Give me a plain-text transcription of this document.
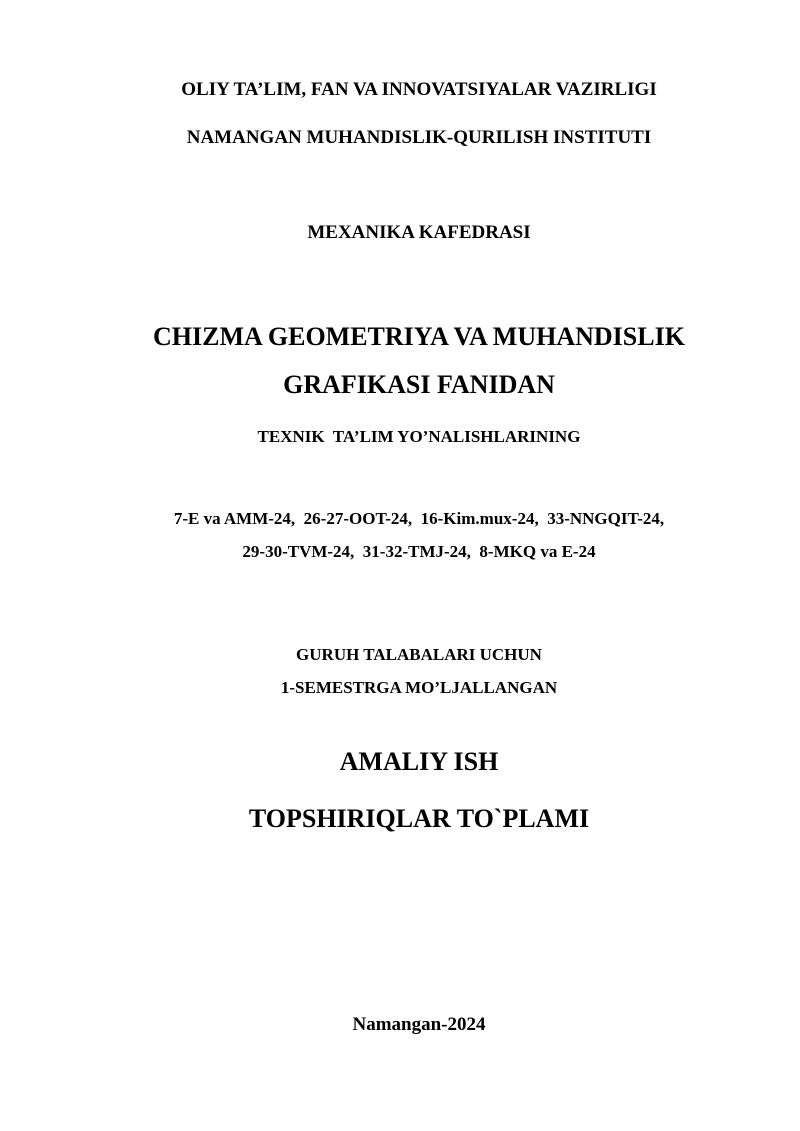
OLIY TA’LIM, FAN VA INNOVATSIYALAR VAZIRLIGI
NAMANGAN MUHANDISLIK-QURILISH INSTITUTI
MEXANIKA KAFEDRASI
CHIZMA GEOMETRIYA VA MUHANDISLIK
GRAFIKASI FANIDAN
TEXNIK  TA’LIM YO’NALISHLARINING
7-E va AMM-24,  26-27-OOT-24,  16-Kim.mux-24,  33-NNGQIT-24,
29-30-TVM-24,  31-32-TMJ-24,  8-MKQ va E-24
GURUH TALABALARI UCHUN
1-SEMESTRGA MO’LJALLANGAN
AMALIY ISH
TOPSHIRIQLAR TO`PLAMI
Namangan-2024
